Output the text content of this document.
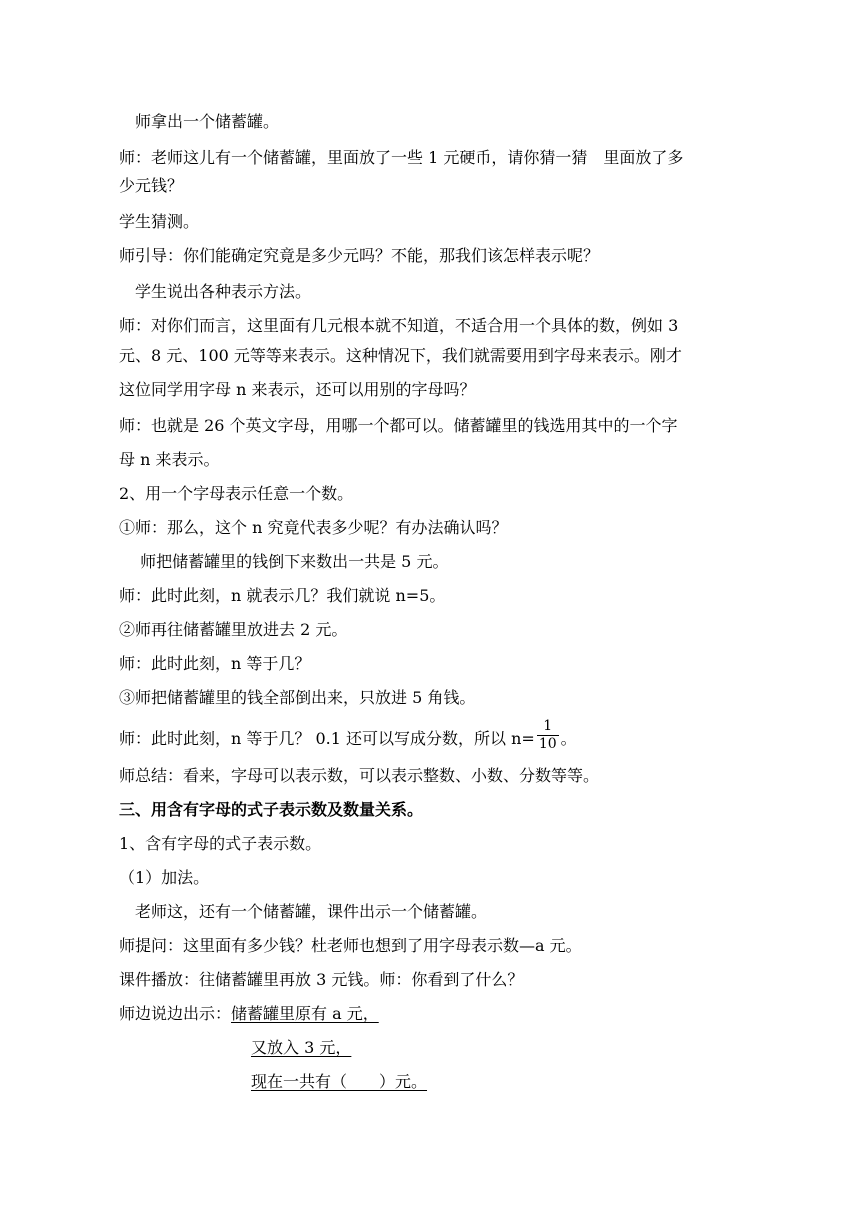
　师拿出一个储蓄罐。
师：老师这儿有一个储蓄罐，里面放了一些 1 元硬币，请你猜一猜　里面放了多
少元钱？
学生猜测。
师引导：你们能确定究竟是多少元吗？不能，那我们该怎样表示呢？
　学生说出各种表示方法。
师：对你们而言，这里面有几元根本就不知道，不适合用一个具体的数，例如 3
元、8 元、100 元等等来表示。这种情况下，我们就需要用到字母来表示。刚才
这位同学用字母 n 来表示，还可以用别的字母吗？
师：也就是 26 个英文字母，用哪一个都可以。储蓄罐里的钱选用其中的一个字
母 n 来表示。
2、用一个字母表示任意一个数。
①师：那么，这个 n 究竟代表多少呢？有办法确认吗？
　 师把储蓄罐里的钱倒下来数出一共是 5 元。
师：此时此刻，n 就表示几？我们就说 n=5。
②师再往储蓄罐里放进去 2 元。
师：此时此刻，n 等于几？
③师把储蓄罐里的钱全部倒出来，只放进 5 角钱。
师：此时此刻，n 等于几？ 0.1 还可以写成分数，所以 $n= \frac{1}{10}$ 。
师总结：看来，字母可以表示数，可以表示整数、小数、分数等等。
三、用含有字母的式子表示数及数量关系。
1、含有字母的式子表示数。
（1）加法。
　老师这，还有一个储蓄罐，课件出示一个储蓄罐。
师提问：这里面有多少钱？杜老师也想到了用字母表示数—a 元。
课件播放：往储蓄罐里再放 3 元钱。师：你看到了什么？
师边说边出示：储蓄罐里原有 a 元，
又放入 3 元，
现在一共有（　　）元。
